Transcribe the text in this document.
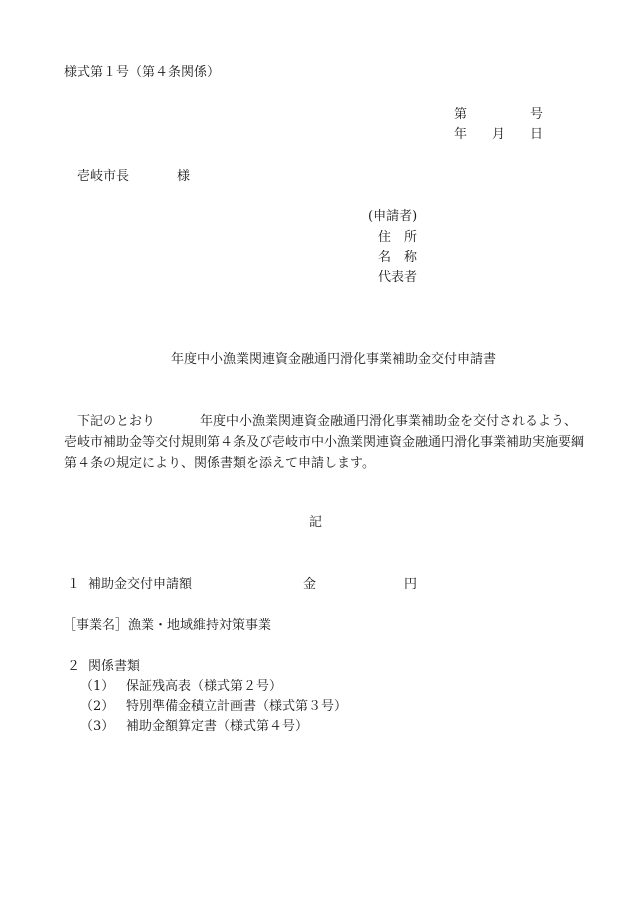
様式第１号（第４条関係）
第	号
年 月 日
壱岐市長	様
(申請者)
住　所
名　称
代表者
年度中小漁業関連資金融通円滑化事業補助金交付申請書
下記のとおり	年度中小漁業関連資金融通円滑化事業補助金を交付されるよう、
壱岐市補助金等交付規則第４条及び壱岐市中小漁業関連資金融通円滑化事業補助実施要綱
第４条の規定により、関係書類を添えて申請します。
記
１ 補助金交付申請額	金	円
［事業名］漁業・地域維持対策事業
２ 関係書類
（1） 保証残高表（様式第２号）
（2） 特別準備金積立計画書（様式第３号）
（3） 補助金額算定書（様式第４号）
